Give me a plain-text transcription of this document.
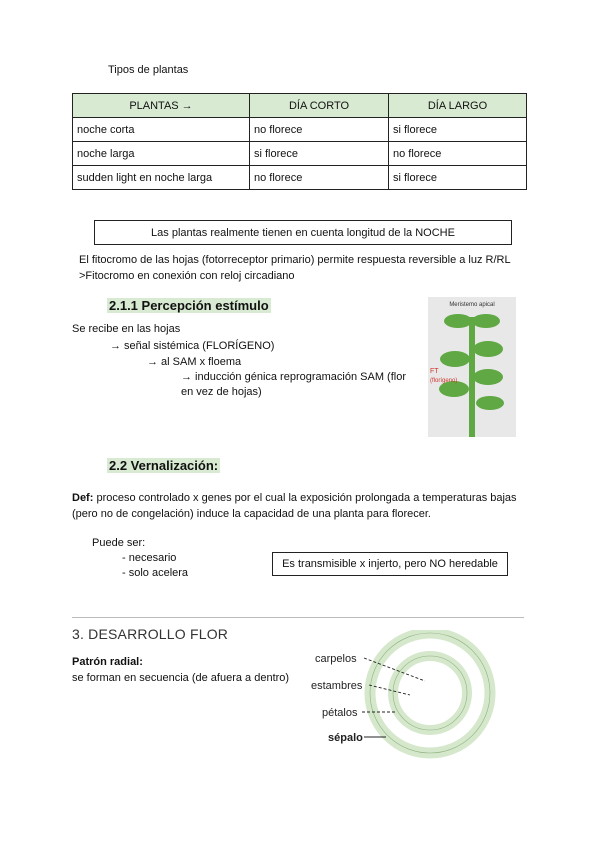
Tipos de plantas
PLANTAS →	DÍA CORTO	DÍA LARGO
noche corta	no florece	si florece
noche larga	si florece	no florece
sudden light en noche larga	no florece	si florece
Las plantas realmente tienen en cuenta longitud de la NOCHE
El fitocromo de las hojas (fotorreceptor primario) permite respuesta reversible a luz R/RL
>Fitocromo en conexión con reloj circadiano
2.1.1 Percepción estímulo
Se recibe en las hojas
→ señal sistémica (FLORÍGENO)
→ al SAM x floema
→ inducción génica reprogramación SAM (flor
en vez de hojas)
Meristemo apical
FT
(florígeno)
2.2 Vernalización:
Def: proceso controlado x genes por el cual la exposición prolongada a temperaturas bajas
(pero no de congelación) induce la capacidad de una planta para florecer.
Puede ser:
- necesario
- solo acelera
Es transmisible x injerto, pero NO heredable
3. DESARROLLO FLOR
Patrón radial:
se forman en secuencia (de afuera a dentro)
carpelos
estambres
pétalos
sépalo
